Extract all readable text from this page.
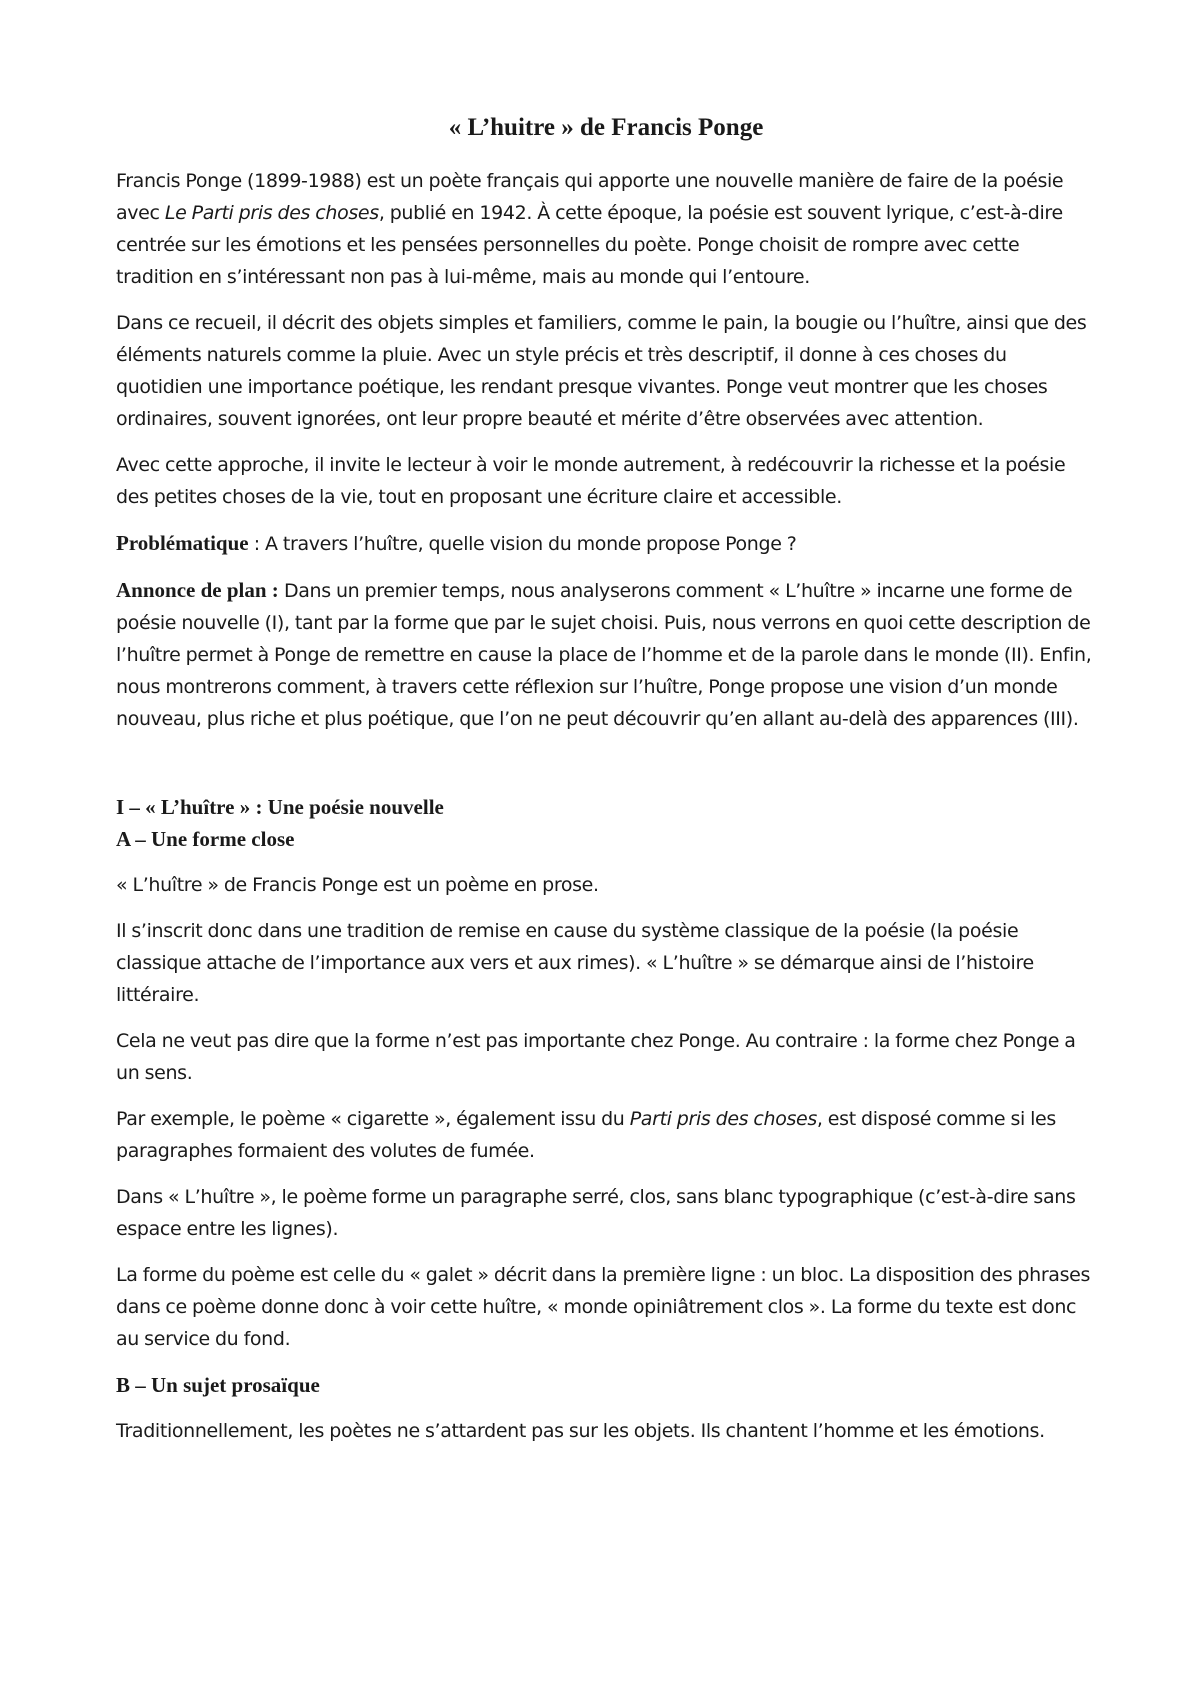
« L’huitre » de Francis Ponge

Francis Ponge (1899-1988) est un poète français qui apporte une nouvelle manière de faire de la poésie avec Le Parti pris des choses, publié en 1942. À cette époque, la poésie est souvent lyrique, c’est-à-dire centrée sur les émotions et les pensées personnelles du poète. Ponge choisit de rompre avec cette tradition en s’intéressant non pas à lui-même, mais au monde qui l’entoure.

Dans ce recueil, il décrit des objets simples et familiers, comme le pain, la bougie ou l’huître, ainsi que des éléments naturels comme la pluie. Avec un style précis et très descriptif, il donne à ces choses du quotidien une importance poétique, les rendant presque vivantes. Ponge veut montrer que les choses ordinaires, souvent ignorées, ont leur propre beauté et mérite d’être observées avec attention.

Avec cette approche, il invite le lecteur à voir le monde autrement, à redécouvrir la richesse et la poésie des petites choses de la vie, tout en proposant une écriture claire et accessible.

Problématique : A travers l’huître, quelle vision du monde propose Ponge ?

Annonce de plan : Dans un premier temps, nous analyserons comment « L’huître » incarne une forme de poésie nouvelle (I), tant par la forme que par le sujet choisi. Puis, nous verrons en quoi cette description de l’huître permet à Ponge de remettre en cause la place de l’homme et de la parole dans le monde (II). Enfin, nous montrerons comment, à travers cette réflexion sur l’huître, Ponge propose une vision d’un monde nouveau, plus riche et plus poétique, que l’on ne peut découvrir qu’en allant au-delà des apparences (III).

I – « L’huître » : Une poésie nouvelle
A – Une forme close

« L’huître » de Francis Ponge est un poème en prose.

Il s’inscrit donc dans une tradition de remise en cause du système classique de la poésie (la poésie classique attache de l’importance aux vers et aux rimes). « L’huître » se démarque ainsi de l’histoire littéraire.

Cela ne veut pas dire que la forme n’est pas importante chez Ponge. Au contraire : la forme chez Ponge a un sens.

Par exemple, le poème « cigarette », également issu du Parti pris des choses, est disposé comme si les paragraphes formaient des volutes de fumée.

Dans « L’huître », le poème forme un paragraphe serré, clos, sans blanc typographique (c’est-à-dire sans espace entre les lignes).

La forme du poème est celle du « galet » décrit dans la première ligne : un bloc. La disposition des phrases dans ce poème donne donc à voir cette huître, « monde opiniâtrement clos ». La forme du texte est donc au service du fond.

B – Un sujet prosaïque

Traditionnellement, les poètes ne s’attardent pas sur les objets. Ils chantent l’homme et les émotions.
